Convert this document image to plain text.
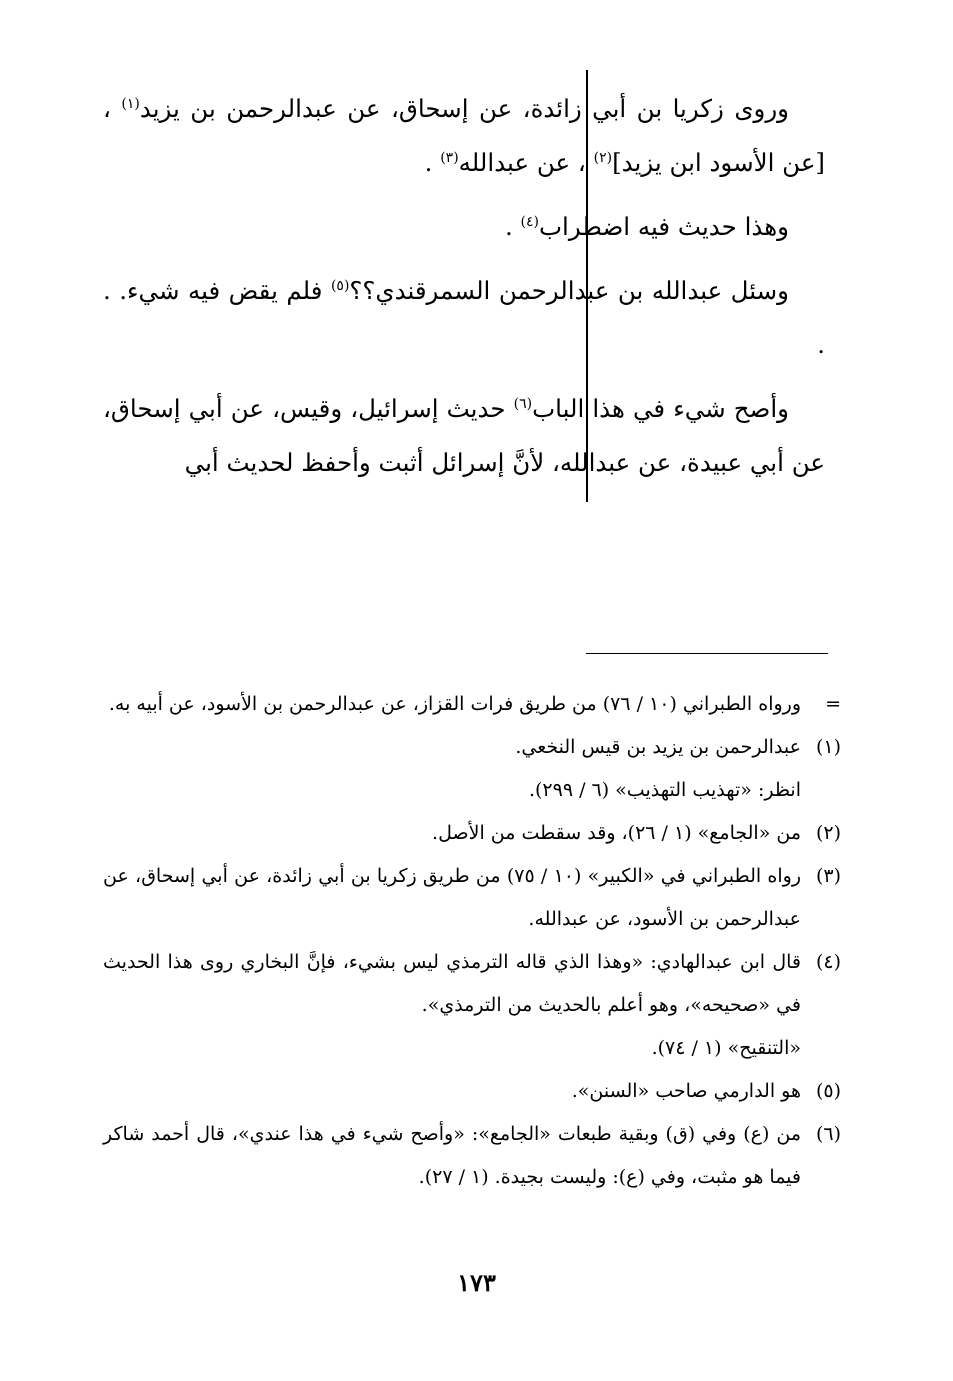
وروى زكريا بن أبي زائدة، عن إسحاق، عن عبدالرحمن بن يزيد$^{(١)}$ ، [عن الأسود ابن يزيد]$^{(٢)}$ ، عن عبدالله$^{(٣)}$ .

وهذا حديث فيه اضطراب$^{(٤)}$ .

وسئل عبدالله بن عبدالرحمن السمرقندي؟؟$^{(٥)}$ فلم يقض فيه شيء. . .

وأصح شيء في هذا الباب$^{(٦)}$ حديث إسرائيل، وقيس، عن أبي إسحاق، عن أبي عبيدة، عن عبدالله، لأنَّ إسرائل أثبت وأحفظ لحديث أبي

=
ورواه الطبراني (١٠ / ٧٦) من طريق فرات القزاز، عن عبدالرحمن بن الأسود، عن أبيه به.
(١)
عبدالرحمن بن يزيد بن قيس النخعي.
انظر: «تهذيب التهذيب» (٦ / ٢٩٩).
(٢)
من «الجامع» (١ / ٢٦)، وقد سقطت من الأصل.
(٣)
رواه الطبراني في «الكبير» (١٠ / ٧٥) من طريق زكريا بن أبي زائدة، عن أبي إسحاق، عن عبدالرحمن بن الأسود، عن عبدالله.
(٤)
قال ابن عبدالهادي: «وهذا الذي قاله الترمذي ليس بشيء، فإنَّ البخاري روى هذا الحديث في «صحيحه»، وهو أعلم بالحديث من الترمذي».
«التنقيح» (١ / ٧٤).
(٥)
هو الدارمي صاحب «السنن».
(٦)
من (ع) وفي (ق) وبقية طبعات «الجامع»: «وأصح شيء في هذا عندي»، قال أحمد شاكر فيما هو مثبت، وفي (ع): وليست بجيدة. (١ / ٢٧).
١٧٣
